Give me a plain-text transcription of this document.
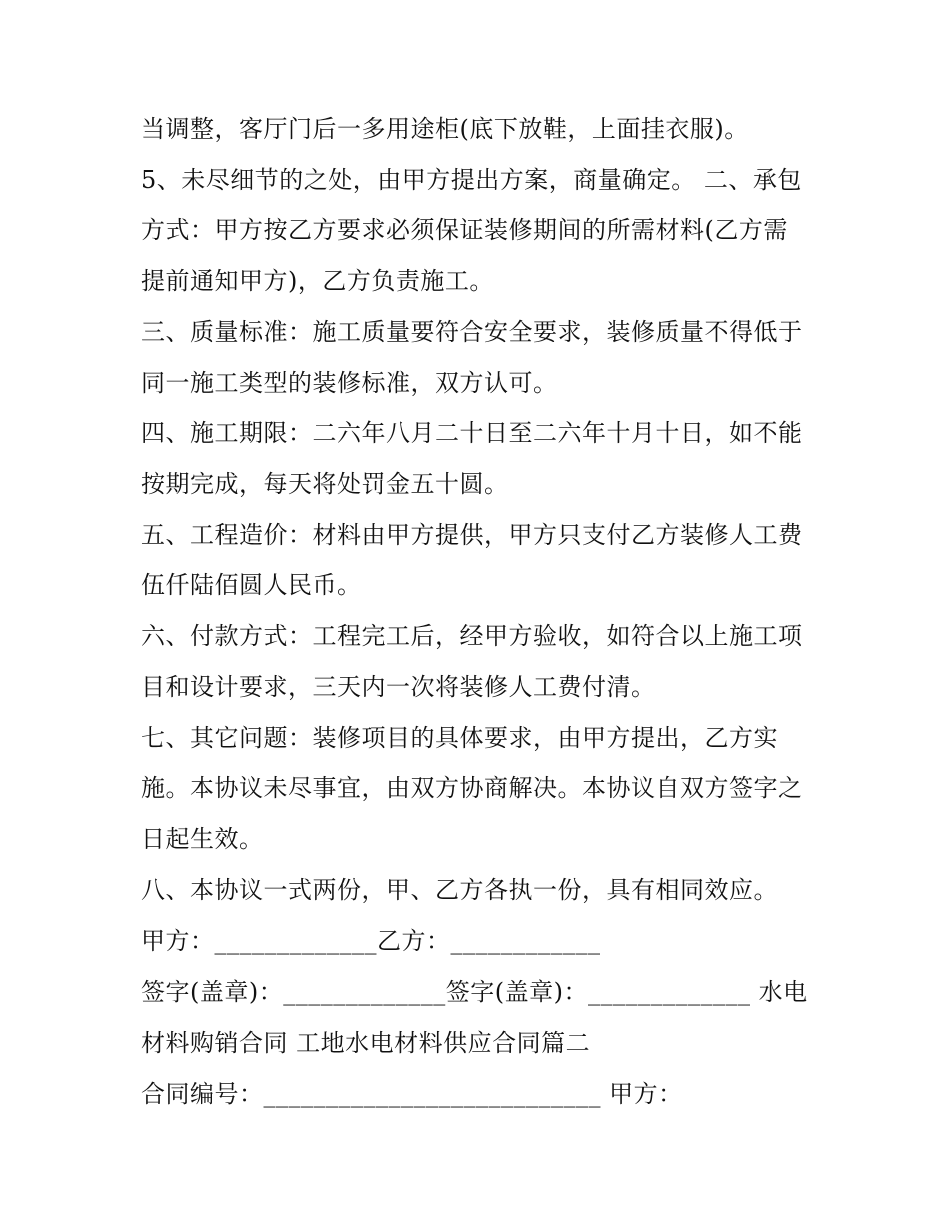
当调整，客厅门后一多用途柜(底下放鞋，上面挂衣服)。
5、未尽细节的之处，由甲方提出方案，商量确定。 二、承包
方式：甲方按乙方要求必须保证装修期间的所需材料(乙方需
提前通知甲方)，乙方负责施工。
三、质量标准：施工质量要符合安全要求，装修质量不得低于
同一施工类型的装修标准，双方认可。
四、施工期限：二六年八月二十日至二六年十月十日，如不能
按期完成，每天将处罚金五十圆。
五、工程造价：材料由甲方提供，甲方只支付乙方装修人工费
伍仟陆佰圆人民币。
六、付款方式：工程完工后，经甲方验收，如符合以上施工项
目和设计要求，三天内一次将装修人工费付清。
七、其它问题：装修项目的具体要求，由甲方提出，乙方实
施。本协议未尽事宜，由双方协商解决。本协议自双方签字之
日起生效。
八、本协议一式两份，甲、乙方各执一份，具有相同效应。
甲方：_____________乙方：____________
签字(盖章)：_____________签字(盖章)：_____________ 水电
材料购销合同 工地水电材料供应合同篇二
合同编号：___________________________ 甲方：
